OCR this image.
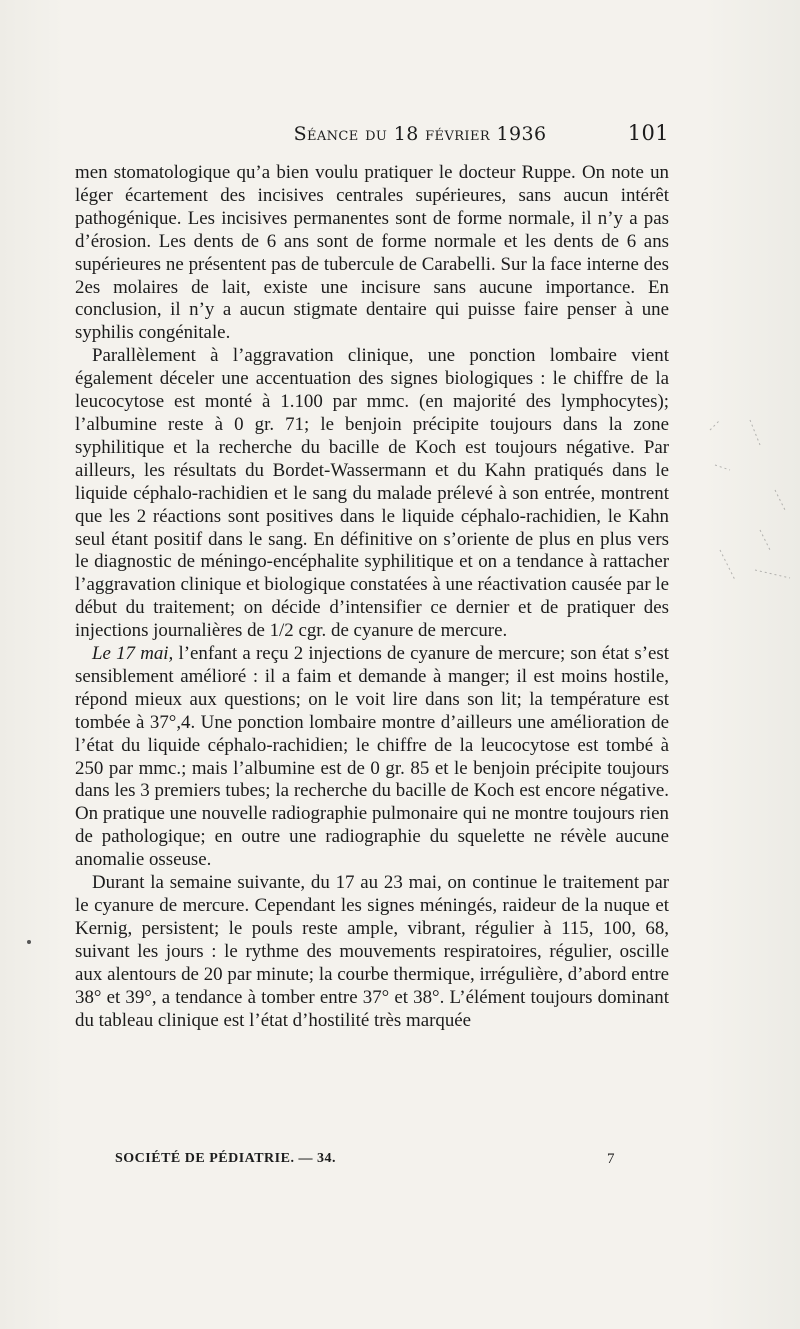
Séance du 18 février 1936	101

men stomatologique qu’a bien voulu pratiquer le docteur Ruppe. On note un léger écartement des incisives centrales supérieures, sans aucun intérêt pathogénique. Les incisives permanentes sont de forme normale, il n’y a pas d’érosion. Les dents de 6 ans sont de forme normale et les dents de 6 ans supérieures ne présentent pas de tubercule de Carabelli. Sur la face interne des 2es molaires de lait, existe une incisure sans aucune importance. En conclusion, il n’y a aucun stigmate dentaire qui puisse faire penser à une syphilis congénitale.

Parallèlement à l’aggravation clinique, une ponction lombaire vient également déceler une accentuation des signes biologiques : le chiffre de la leucocytose est monté à 1.100 par mmc. (en majorité des lymphocytes); l’albumine reste à 0 gr. 71; le benjoin précipite toujours dans la zone syphilitique et la recherche du bacille de Koch est toujours négative. Par ailleurs, les résultats du Bordet-Wassermann et du Kahn pratiqués dans le liquide céphalo-rachidien et le sang du malade prélevé à son entrée, montrent que les 2 réactions sont positives dans le liquide céphalo-rachidien, le Kahn seul étant positif dans le sang. En définitive on s’oriente de plus en plus vers le diagnostic de méningo-encéphalite syphilitique et on a tendance à rattacher l’aggravation clinique et biologique constatées à une réactivation causée par le début du traitement; on décide d’intensifier ce dernier et de pratiquer des injections journalières de 1/2 cgr. de cyanure de mercure.

Le 17 mai, l’enfant a reçu 2 injections de cyanure de mercure; son état s’est sensiblement amélioré : il a faim et demande à manger; il est moins hostile, répond mieux aux questions; on le voit lire dans son lit; la température est tombée à 37°,4. Une ponction lombaire montre d’ailleurs une amélioration de l’état du liquide céphalo-rachidien; le chiffre de la leucocytose est tombé à 250 par mmc.; mais l’albumine est de 0 gr. 85 et le benjoin précipite toujours dans les 3 premiers tubes; la recherche du bacille de Koch est encore négative. On pratique une nouvelle radiographie pulmonaire qui ne montre toujours rien de pathologique; en outre une radiographie du squelette ne révèle aucune anomalie osseuse.

Durant la semaine suivante, du 17 au 23 mai, on continue le traitement par le cyanure de mercure. Cependant les signes méningés, raideur de la nuque et Kernig, persistent; le pouls reste ample, vibrant, régulier à 115, 100, 68, suivant les jours : le rythme des mouvements respiratoires, régulier, oscille aux alentours de 20 par minute; la courbe thermique, irrégulière, d’abord entre 38° et 39°, a tendance à tomber entre 37° et 38°. L’élément toujours dominant du tableau clinique est l’état d’hostilité très marquée

SOCIÉTÉ DE PÉDIATRIE. — 34.	7
